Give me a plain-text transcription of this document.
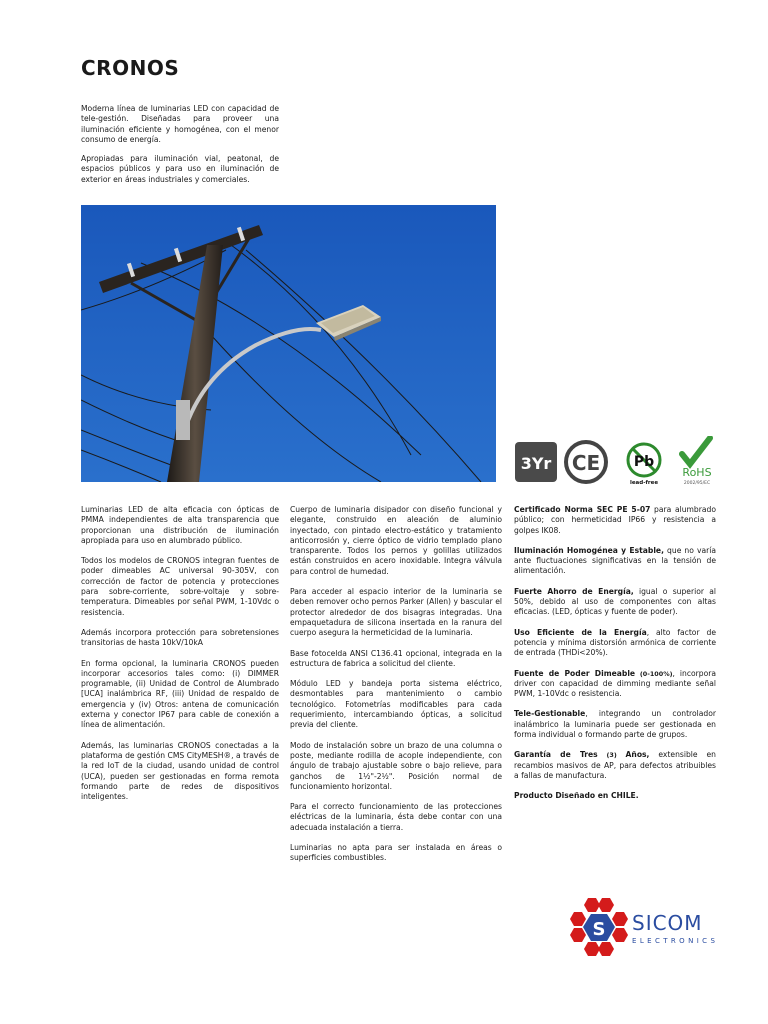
CRONOS

Moderna línea de luminarias LED con capacidad de tele-gestión. Diseñadas para proveer una iluminación eficiente y homogénea, con el menor consumo de energía.

Apropiadas para iluminación vial, peatonal, de espacios públicos y para uso en iluminación de exterior en áreas industriales y comerciales.

3Yr CE Pb
lead-free
RoHS
2002/95/EC

Luminarias LED de alta eficacia con ópticas de PMMA independientes de alta transparencia que proporcionan una distribución de iluminación apropiada para uso en alumbrado público.

Todos los modelos de CRONOS integran fuentes de poder dimeables AC universal 90-305V, con corrección de factor de potencia y protecciones para sobre-corriente, sobre-voltaje y sobre-temperatura. Dimeables por señal PWM, 1-10Vdc o resistencia.

Además incorpora protección para sobretensiones transitorias de hasta 10kV/10kA

En forma opcional, la luminaria CRONOS pueden incorporar accesorios tales como: (i) DIMMER programable, (ii) Unidad de Control de Alumbrado [UCA] inalámbrica RF, (iii) Unidad de respaldo de emergencia y (iv) Otros: antena de comunicación externa y conector IP67 para cable de conexión a línea de alimentación.

Además, las luminarias CRONOS conectadas a la plataforma de gestión CMS CityMESH®, a través de la red IoT de la ciudad, usando unidad de control (UCA), pueden ser gestionadas en forma remota formando parte de redes de dispositivos inteligentes.

Cuerpo de luminaria disipador con diseño funcional y elegante, construido en aleación de aluminio inyectado, con pintado electro-estático y tratamiento anticorrosión y, cierre óptico de vidrio templado plano transparente. Todos los pernos y golillas utilizados están construidos en acero inoxidable. Integra válvula para control de humedad.

Para acceder al espacio interior de la luminaria se deben remover ocho pernos Parker (Allen) y bascular el protector alrededor de dos bisagras integradas. Una empaquetadura de silicona insertada en la ranura del cuerpo asegura la hermeticidad de la luminaria.

Base fotocelda ANSI C136.41 opcional, integrada en la estructura de fabrica a solicitud del cliente.

Módulo LED y bandeja porta sistema eléctrico, desmontables para mantenimiento o cambio tecnológico. Fotometrías modificables para cada requerimiento, intercambiando ópticas, a solicitud previa del cliente.

Modo de instalación sobre un brazo de una columna o poste, mediante rodilla de acople independiente, con ángulo de trabajo ajustable sobre o bajo relieve, para ganchos de 1½"-2½". Posición normal de funcionamiento horizontal.

Para el correcto funcionamiento de las protecciones eléctricas de la luminaria, ésta debe contar con una adecuada instalación a tierra.

Luminarias no apta para ser instalada en áreas o superficies combustibles.

Certificado Norma SEC PE 5-07 para alumbrado público; con hermeticidad IP66 y resistencia a golpes IK08.

Iluminación Homogénea y Estable, que no varía ante fluctuaciones significativas en la tensión de alimentación.

Fuerte Ahorro de Energía, igual o superior al 50%, debido al uso de componentes con altas eficacias. (LED, ópticas y fuente de poder).

Uso Eficiente de la Energía, alto factor de potencia y mínima distorsión armónica de corriente de entrada (THDi<20%).

Fuente de Poder Dimeable (0-100%), incorpora driver con capacidad de dimming mediante señal PWM, 1-10Vdc o resistencia.

Tele-Gestionable, integrando un controlador inalámbrico la luminaria puede ser gestionada en forma individual o formando parte de grupos.

Garantía de Tres (3) Años, extensible en recambios masivos de AP, para defectos atribuibles a fallas de manufactura.

Producto Diseñado en CHILE.

S SICOM
ELECTRONICS
